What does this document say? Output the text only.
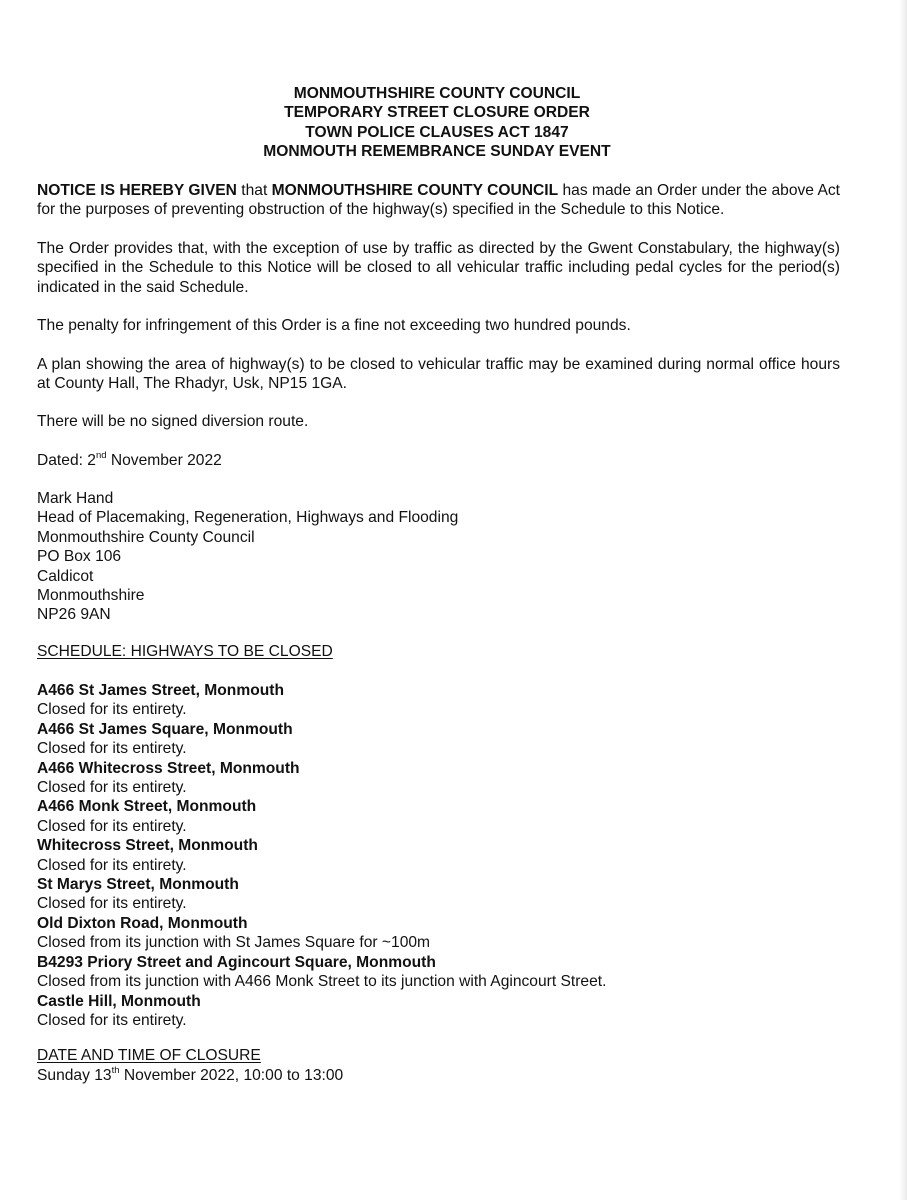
MONMOUTHSHIRE COUNTY COUNCIL
TEMPORARY STREET CLOSURE ORDER
TOWN POLICE CLAUSES ACT 1847
MONMOUTH REMEMBRANCE SUNDAY EVENT

NOTICE IS HEREBY GIVEN that MONMOUTHSHIRE COUNTY COUNCIL has made an Order under the above Act for the purposes of preventing obstruction of the highway(s) specified in the Schedule to this Notice.

The Order provides that, with the exception of use by traffic as directed by the Gwent Constabulary, the highway(s) specified in the Schedule to this Notice will be closed to all vehicular traffic including pedal cycles for the period(s) indicated in the said Schedule.

The penalty for infringement of this Order is a fine not exceeding two hundred pounds.

A plan showing the area of highway(s) to be closed to vehicular traffic may be examined during normal office hours at County Hall, The Rhadyr, Usk, NP15 1GA.

There will be no signed diversion route.

Dated: 2nd November 2022

Mark Hand
Head of Placemaking, Regeneration, Highways and Flooding
Monmouthshire County Council
PO Box 106
Caldicot
Monmouthshire
NP26 9AN

SCHEDULE: HIGHWAYS TO BE CLOSED

A466 St James Street, Monmouth
Closed for its entirety.
A466 St James Square, Monmouth
Closed for its entirety.
A466 Whitecross Street, Monmouth
Closed for its entirety.
A466 Monk Street, Monmouth
Closed for its entirety.
Whitecross Street, Monmouth
Closed for its entirety.
St Marys Street, Monmouth
Closed for its entirety.
Old Dixton Road, Monmouth
Closed from its junction with St James Square for ~100m
B4293 Priory Street and Agincourt Square, Monmouth
Closed from its junction with A466 Monk Street to its junction with Agincourt Street.
Castle Hill, Monmouth
Closed for its entirety.

DATE AND TIME OF CLOSURE

Sunday 13th November 2022, 10:00 to 13:00
